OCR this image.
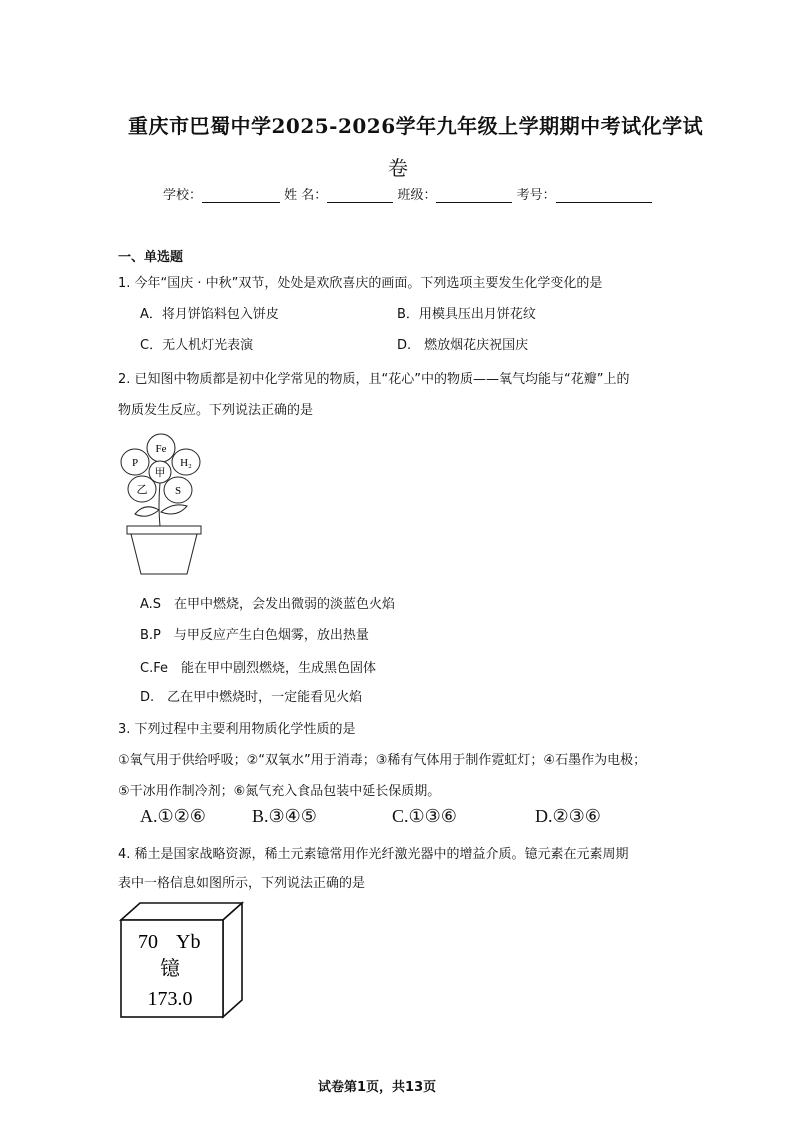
重庆市巴蜀中学2025-2026学年九年级上学期期中考试化学试
卷
学校：	姓 名：	班级：	考号：
一、单选题
1. 今年“国庆 · 中秋”双节，处处是欢欣喜庆的画面。下列选项主要发生化学变化的是
A．将月饼馅料包入饼皮	B．用模具压出月饼花纹
C．无人机灯光表演	D.　燃放烟花庆祝国庆
2. 已知图中物质都是初中化学常见的物质，且“花心”中的物质——氧气均能与“花瓣”上的
物质发生反应。下列说法正确的是
Fe
P	H₂
乙 S
甲
A.S　在甲中燃烧，会发出微弱的淡蓝色火焰
B.P　与甲反应产生白色烟雾，放出热量
C.Fe　能在甲中剧烈燃烧，生成黑色固体
D.　乙在甲中燃烧时，一定能看见火焰
3. 下列过程中主要利用物质化学性质的是
①氧气用于供给呼吸；②“双氧水”用于消毒；③稀有气体用于制作霓虹灯；④石墨作为电极；
⑤干冰用作制冷剂；⑥氮气充入食品包装中延长保质期。
A.①②⑥	B.③④⑤	C.①③⑥	D.②③⑥
4. 稀土是国家战略资源，稀土元素镱常用作光纤激光器中的增益介质。镱元素在元素周期
表中一格信息如图所示，下列说法正确的是
70 Yb
镱
173.0
试卷第1页，共13页
